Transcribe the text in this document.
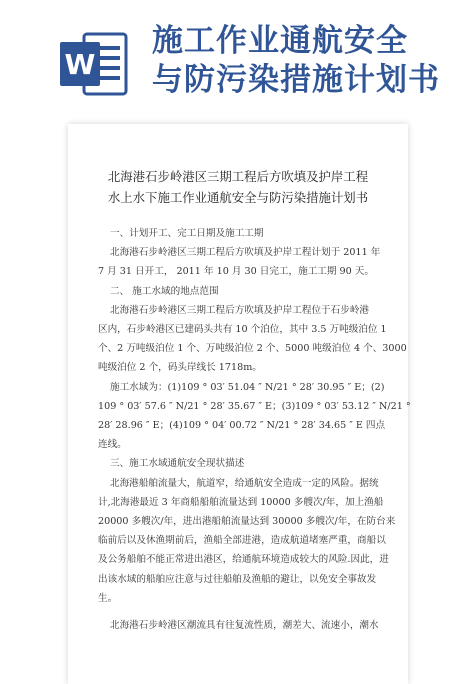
W
施工作业通航安全
与防污染措施计划书
北海港石步岭港区三期工程后方吹填及护岸工程
水上水下施工作业通航安全与防污染措施计划书
一、计划开工、完工日期及施工工期
北海港石步岭港区三期工程后方吹填及护岸工程计划于 2011 年
7 月 31 日开工， 2011 年 10 月 30 日完工，施工工期 90 天。
二、 施工水域的地点范围
北海港石步岭港区三期工程后方吹填及护岸工程位于石步岭港
区内，石步岭港区已建码头共有 10 个泊位，其中 3.5 万吨级泊位 1
个、2 万吨级泊位 1 个、万吨级泊位 2 个、5000 吨级泊位 4 个、3000
吨级泊位 2 个，码头岸线长 1718m。
施工水域为：(1)109 ° 03′ 51.04 ″ N/21 ° 28′ 30.95 ″ E；(2)
109 ° 03′ 57.6 ″ N/21 ° 28′ 35.67 ″ E；(3)109 ° 03′ 53.12 ″ N/21 °
28′ 28.96 ″ E；(4)109 ° 04′ 00.72 ″ N/21 ° 28′ 34.65 ″ E 四点
连线。
三、施工水域通航安全现状描述
北海港船舶流量大，航道窄，给通航安全造成一定的风险。据统
计,北海港最近 3 年商船船舶流量达到 10000 多艘次/年，加上渔船
20000 多艘次/年，进出港船舶流量达到 30000 多艘次/年，在防台来
临前后以及休渔期前后，渔船全部进港，造成航道堵塞严重，商船以
及公务船舶不能正常进出港区，给通航环境造成较大的风险.因此，进
出该水域的船舶应注意与过往船舶及渔船的避让，以免安全事故发
生。
北海港石步岭港区潮流具有往复流性质，潮差大、流速小，潮水
